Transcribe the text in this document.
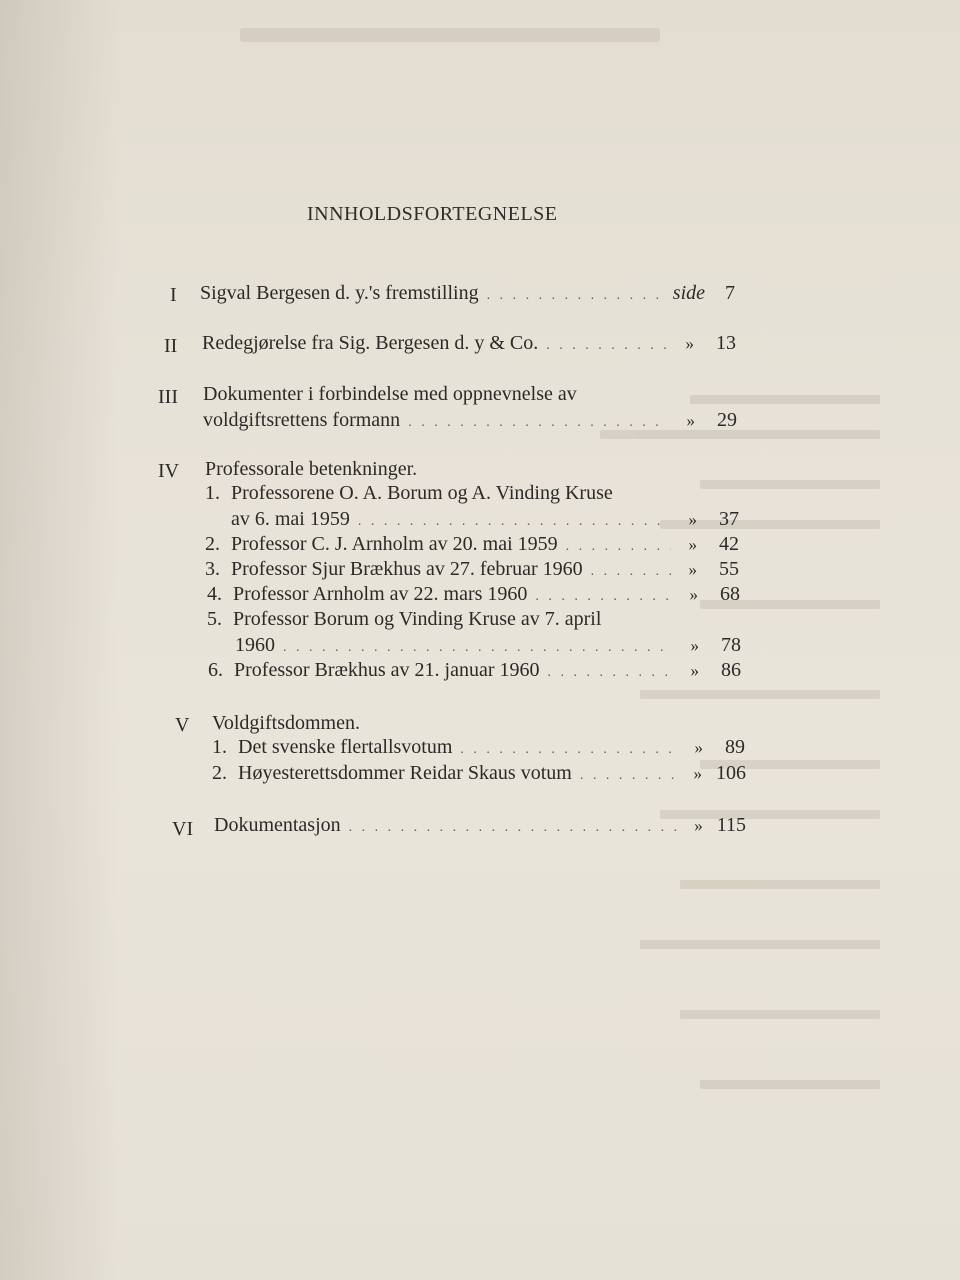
INNHOLDSFORTEGNELSE
I Sigval Bergesen d. y.'s fremstilling . . .	side 7
II Redegjørelse fra Sig. Bergesen d. y & Co. . . .	»	13
III Dokumenter i forbindelse med oppnevnelse av
voldgiftsrettens formann . . .	»	29
IV Professorale betenkninger.
1. Professorene O. A. Borum og A. Vinding Kruse
av 6. mai 1959 . . .	»	37
2. Professor C. J. Arnholm av 20. mai 1959 . . .	»	42
3. Professor Sjur Brækhus av 27. februar 1960 . . .	»	55
4. Professor Arnholm av 22. mars 1960 . . .	»	68
5. Professor Borum og Vinding Kruse av 7. april
1960 . . .	»	78
6. Professor Brækhus av 21. januar 1960 . . .	»	86
V Voldgiftsdommen.
1. Det svenske flertallsvotum . . .	»	89
2. Høyesterettsdommer Reidar Skaus votum . . .	» 106
VI Dokumentasjon . . .	» 115
